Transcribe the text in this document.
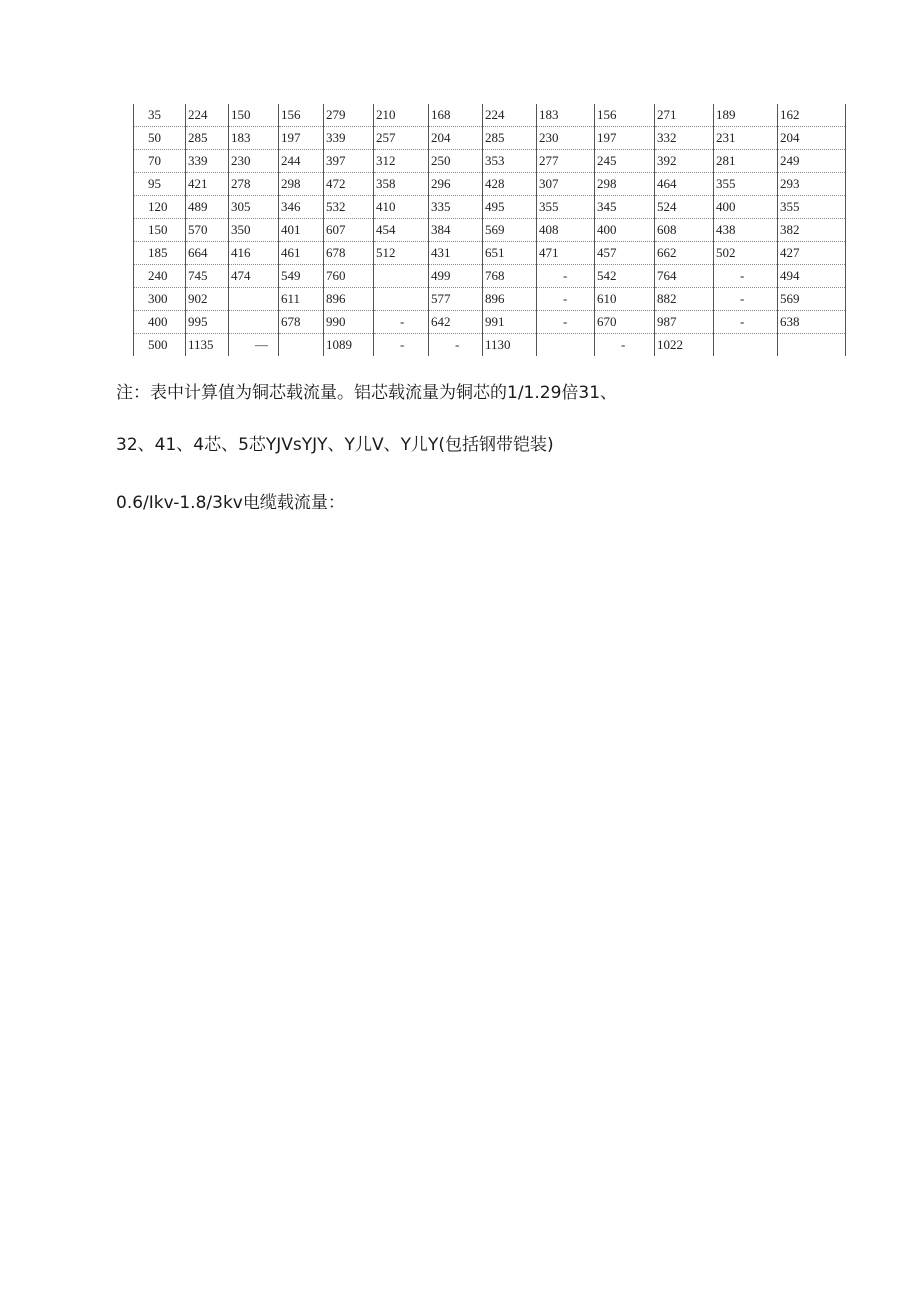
35	224	150	156	279	210	168	224	183	156	271	189	162
50	285	183	197	339	257	204	285	230	197	332	231	204
70	339	230	244	397	312	250	353	277	245	392	281	249
95	421	278	298	472	358	296	428	307	298	464	355	293
120	489	305	346	532	410	335	495	355	345	524	400	355
150	570	350	401	607	454	384	569	408	400	608	438	382
185	664	416	461	678	512	431	651	471	457	662	502	427
240	745	474	549	760		499	768	-	542	764	-	494
300	902		611	896		577	896	-	610	882	-	569
400	995		678	990	-	642	991	-	670	987	-	638
500	1135	—		1089	-	-	1130		-	1022		
注：表中计算值为铜芯载流量。铝芯载流量为铜芯的1/1.29倍31、
32、41、4芯、5芯YJVsYJY、Y儿V、Y儿Y(包括钢带铠装)
0.6/Ikv-1.8/3kv电缆载流量：
